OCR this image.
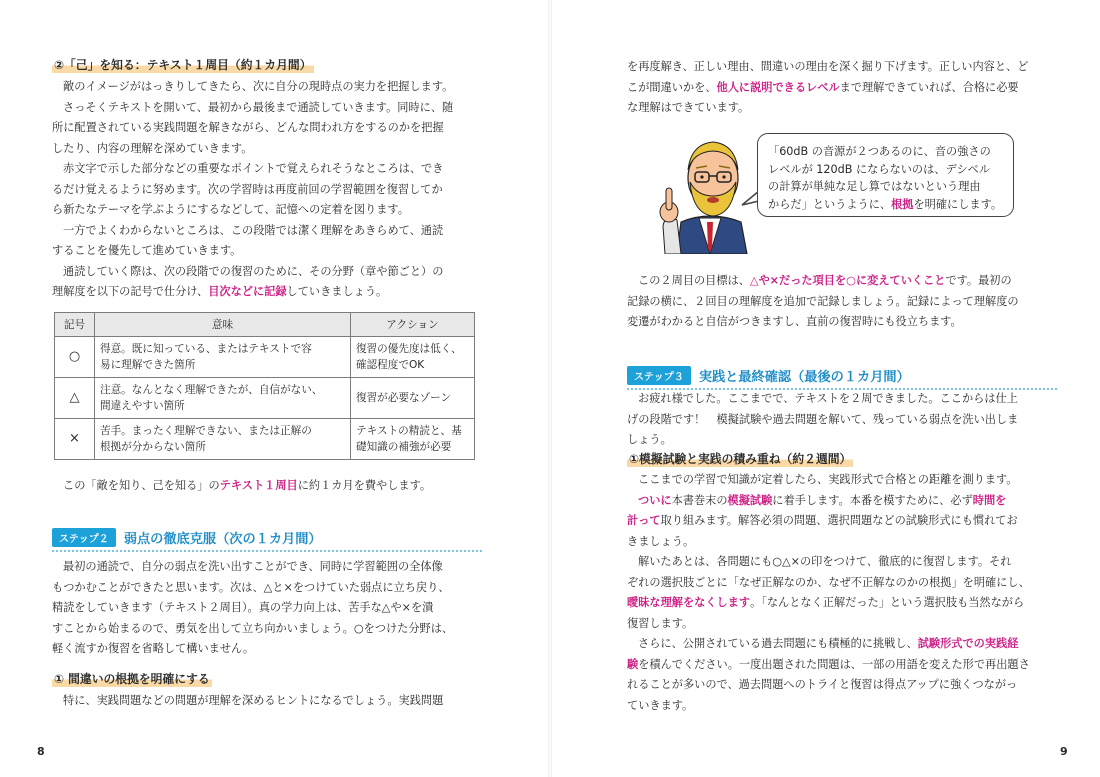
②「己」を知る：テキスト１周目（約１カ月間）

敵のイメージがはっきりしてきたら、次に自分の現時点の実力を把握します。

さっそくテキストを開いて、最初から最後まで通読していきます。同時に、随
所に配置されている実践問題を解きながら、どんな問われ方をするのかを把握
したり、内容の理解を深めていきます。

赤文字で示した部分などの重要なポイントで覚えられそうなところは、でき
るだけ覚えるように努めます。次の学習時は再度前回の学習範囲を復習してか
ら新たなテーマを学ぶようにするなどして、記憶への定着を図ります。

一方でよくわからないところは、この段階では潔く理解をあきらめて、通読
することを優先して進めていきます。

通読していく際は、次の段階での復習のために、その分野（章や節ごと）の
理解度を以下の記号で仕分け、目次などに記録していきましょう。

記号	意味	アクション
○	得意。既に知っている、またはテキストで容
易に理解できた箇所	復習の優先度は低く、
確認程度でOK
△	注意。なんとなく理解できたが、自信がない、
間違えやすい箇所	復習が必要なゾーン
×	苦手。まったく理解できない、または正解の
根拠が分からない箇所	テキストの精読と、基
礎知識の補強が必要

この「敵を知り、己を知る」のテキスト１周目に約１カ月を費やします。

ステップ２	弱点の徹底克服（次の１カ月間）

最初の通読で、自分の弱点を洗い出すことができ、同時に学習範囲の全体像
もつかむことができたと思います。次は、△と×をつけていた弱点に立ち戻り、
精読をしていきます（テキスト２周目）。真の学力向上は、苦手な△や×を潰
すことから始まるので、勇気を出して立ち向かいましょう。○をつけた分野は、
軽く流すか復習を省略して構いません。

① 間違いの根拠を明確にする

特に、実践問題などの問題が理解を深めるヒントになるでしょう。実践問題

8

を再度解き、正しい理由、間違いの理由を深く掘り下げます。正しい内容と、ど
こが間違いかを、他人に説明できるレベルまで理解できていれば、合格に必要
な理解はできています。

この２周目の目標は、△や×だった項目を○に変えていくことです。最初の
記録の横に、２回目の理解度を追加で記録しましょう。記録によって理解度の
変遷がわかると自信がつきますし、直前の復習時にも役立ちます。

ステップ３	実践と最終確認（最後の１カ月間）

お疲れ様でした。ここまでで、テキストを２周できました。ここからは仕上
げの段階です！　模擬試験や過去問題を解いて、残っている弱点を洗い出しま
しょう。

①模擬試験と実践の積み重ね（約２週間）

ここまでの学習で知識が定着したら、実践形式で合格との距離を測ります。

ついに本書巻末の模擬試験に着手します。本番を模すために、必ず時間を
計って取り組みます。解答必須の問題、選択問題などの試験形式にも慣れてお
きましょう。

解いたあとは、各問題にも○△×の印をつけて、徹底的に復習します。それ
ぞれの選択肢ごとに「なぜ正解なのか、なぜ不正解なのかの根拠」を明確にし、
曖昧な理解をなくします。「なんとなく正解だった」という選択肢も当然ながら
復習します。

さらに、公開されている過去問題にも積極的に挑戦し、試験形式での実践経
験を積んでください。一度出題された問題は、一部の用語を変えた形で再出題さ
れることが多いので、過去問題へのトライと復習は得点アップに強くつながっ
ていきます。

9
「60dB の音源が２つあるのに、音の強さの
レベルが 120dB にならないのは、デシベル
の計算が単純な足し算ではないという理由
からだ」というように、根拠を明確にします。
